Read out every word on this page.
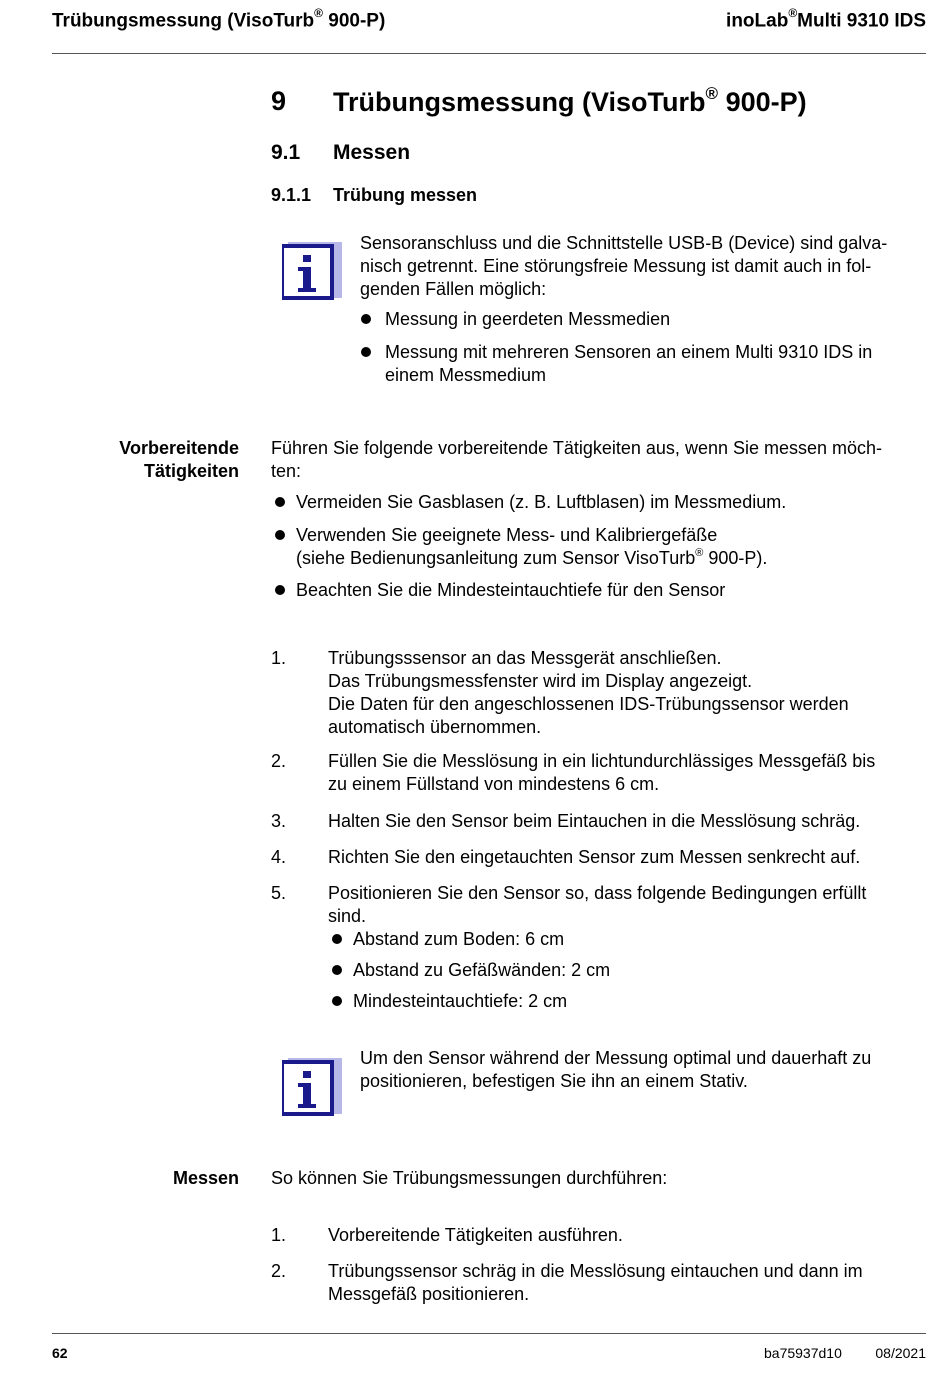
Trübungsmessung (VisoTurb® 900-P)	inoLab®Multi 9310 IDS
9 Trübungsmessung (VisoTurb® 900-P)
9.1 Messen
9.1.1 Trübung messen
Sensoranschluss und die Schnittstelle USB-B (Device) sind galva-
nisch getrennt. Eine störungsfreie Messung ist damit auch in fol-
genden Fällen möglich:
Messung in geerdeten Messmedien
Messung mit mehreren Sensoren an einem Multi 9310 IDS in
einem Messmedium
Vorbereitende
Tätigkeiten
Führen Sie folgende vorbereitende Tätigkeiten aus, wenn Sie messen möch-
ten:
Vermeiden Sie Gasblasen (z. B. Luftblasen) im Messmedium.
Verwenden Sie geeignete Mess- und Kalibriergefäße
(siehe Bedienungsanleitung zum Sensor VisoTurb® 900-P).
Beachten Sie die Mindesteintauchtiefe für den Sensor
1. Trübungsssensor an das Messgerät anschließen.
Das Trübungsmessfenster wird im Display angezeigt.
Die Daten für den angeschlossenen IDS-Trübungssensor werden
automatisch übernommen.
2. Füllen Sie die Messlösung in ein lichtundurchlässiges Messgefäß bis
zu einem Füllstand von mindestens 6 cm.
3. Halten Sie den Sensor beim Eintauchen in die Messlösung schräg.
4. Richten Sie den eingetauchten Sensor zum Messen senkrecht auf.
5. Positionieren Sie den Sensor so, dass folgende Bedingungen erfüllt
sind.
Abstand zum Boden: 6 cm
Abstand zu Gefäßwänden: 2 cm
Mindesteintauchtiefe: 2 cm
Um den Sensor während der Messung optimal und dauerhaft zu
positionieren, befestigen Sie ihn an einem Stativ.
Messen So können Sie Trübungsmessungen durchführen:
1. Vorbereitende Tätigkeiten ausführen.
2. Trübungssensor schräg in die Messlösung eintauchen und dann im
Messgefäß positionieren.
62	ba75937d10 08/2021
